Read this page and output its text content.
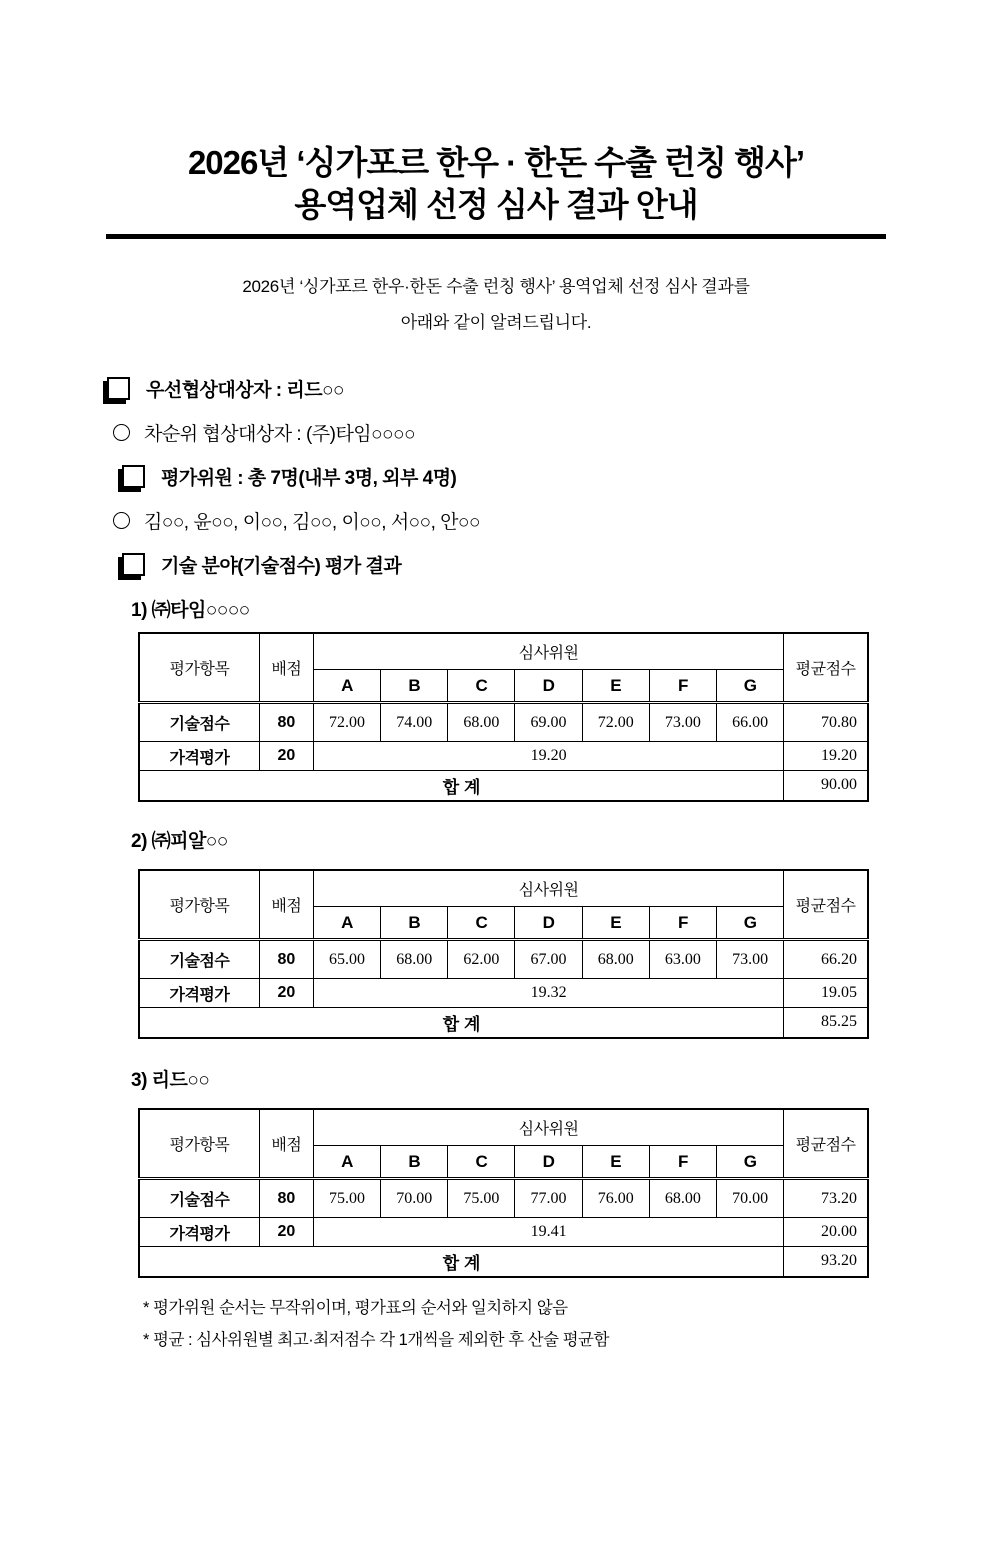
2026년 ‘싱가포르 한우 · 한돈 수출 런칭 행사’
용역업체 선정 심사 결과 안내
2026년 ‘싱가포르 한우·한돈 수출 런칭 행사’ 용역업체 선정 심사 결과를
아래와 같이 알려드립니다.
우선협상대상자 : 리드○○
차순위 협상대상자 : (주)타임○○○○
평가위원 : 총 7명(내부 3명, 외부 4명)
김○○, 윤○○, 이○○, 김○○, 이○○, 서○○, 안○○
기술 분야(기술점수) 평가 결과
1) ㈜타임○○○○
평가항목	배점	심사위원							평균점수
		A	B	C	D	E	F	G	
기술점수	80	72.00	74.00	68.00	69.00	72.00	73.00	66.00	70.80
가격평가	20	19.20							19.20
합 계									90.00
2) ㈜피알○○
평가항목	배점	심사위원							평균점수
		A	B	C	D	E	F	G	
기술점수	80	65.00	68.00	62.00	67.00	68.00	63.00	73.00	66.20
가격평가	20	19.32							19.05
합 계									85.25
3) 리드○○
평가항목	배점	심사위원							평균점수
		A	B	C	D	E	F	G	
기술점수	80	75.00	70.00	75.00	77.00	76.00	68.00	70.00	73.20
가격평가	20	19.41							20.00
합 계									93.20
* 평가위원 순서는 무작위이며, 평가표의 순서와 일치하지 않음
* 평균 : 심사위원별 최고·최저점수 각 1개씩을 제외한 후 산술 평균함
